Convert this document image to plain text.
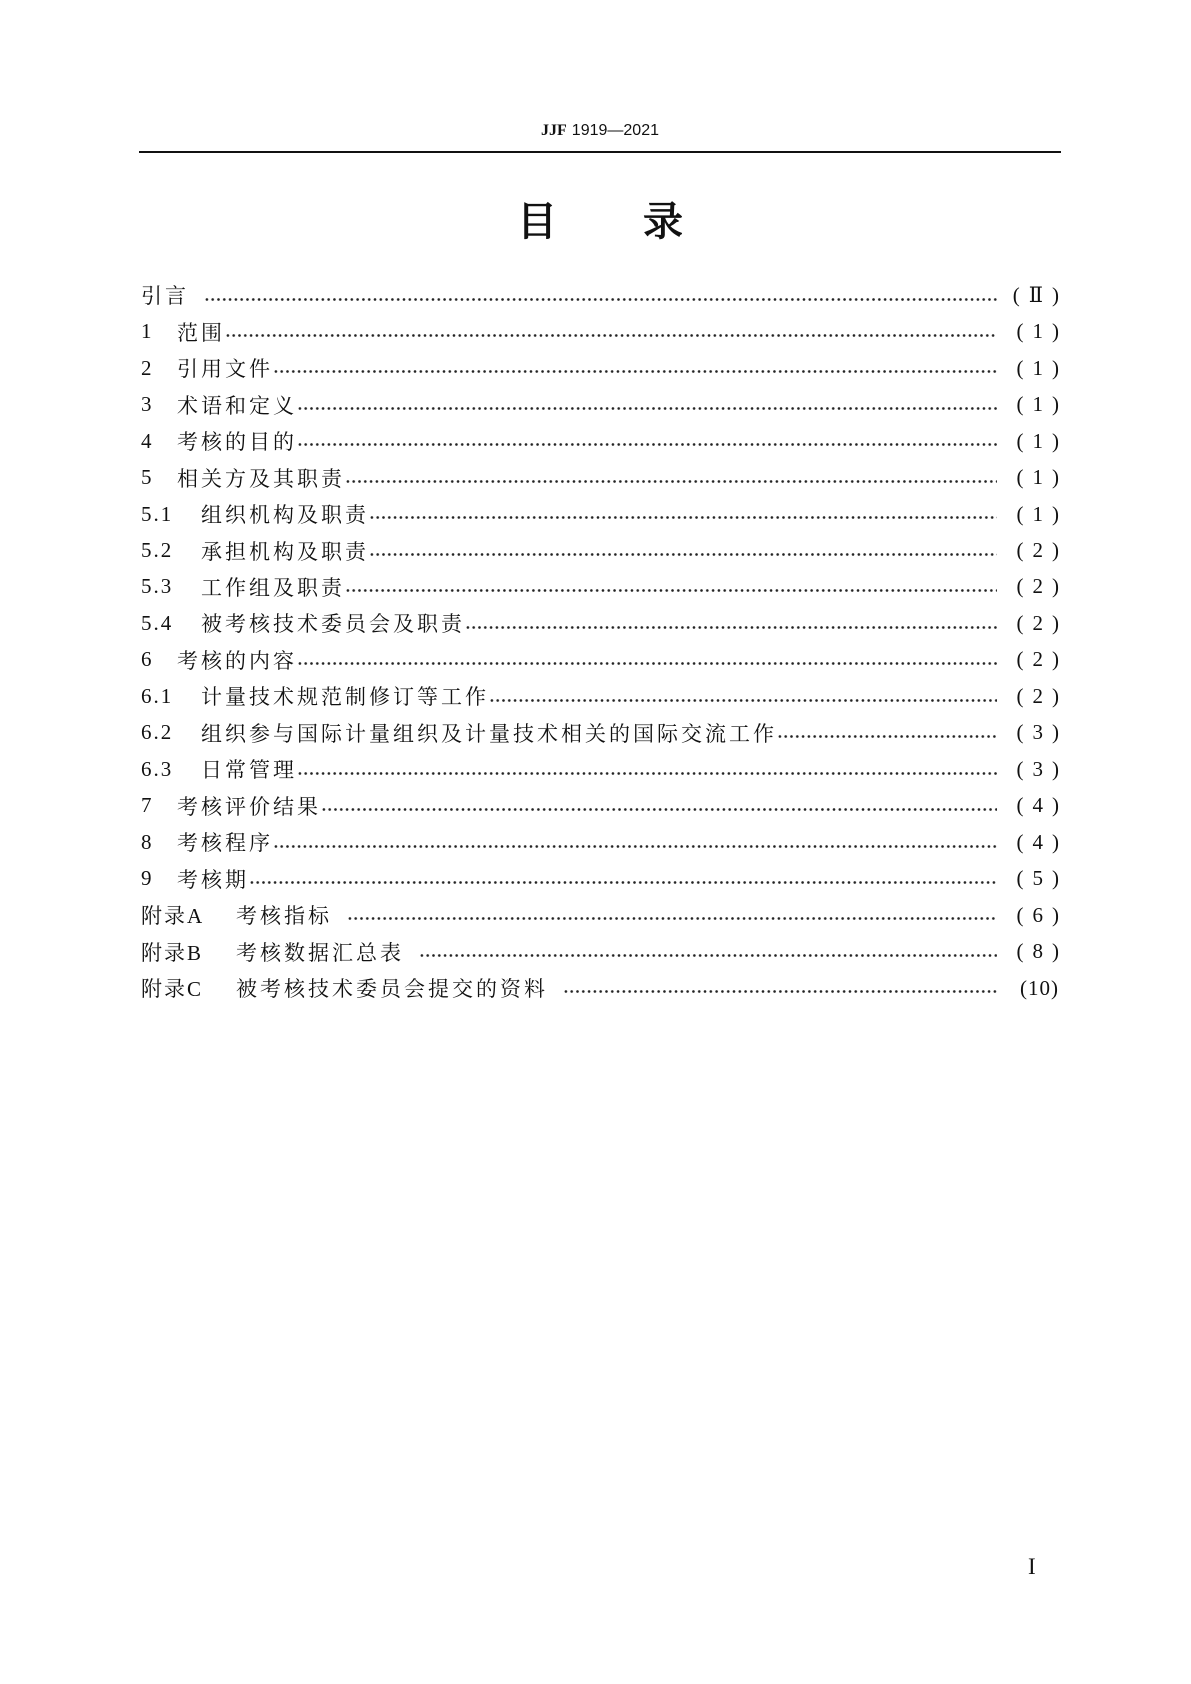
JJF 1919—2021
目录
引言	(Ⅱ)
1	范围	(1)
2	引用文件	(1)
3	术语和定义	(1)
4	考核的目的	(1)
5	相关方及其职责	(1)
5.1	组织机构及职责	(1)
5.2	承担机构及职责	(2)
5.3	工作组及职责	(2)
5.4	被考核技术委员会及职责	(2)
6	考核的内容	(2)
6.1	计量技术规范制修订等工作	(2)
6.2	组织参与国际计量组织及计量技术相关的国际交流工作	(3)
6.3	日常管理	(3)
7	考核评价结果	(4)
8	考核程序	(4)
9	考核期	(5)
附录A	考核指标	(6)
附录B	考核数据汇总表	(8)
附录C	被考核技术委员会提交的资料	(10)
I
